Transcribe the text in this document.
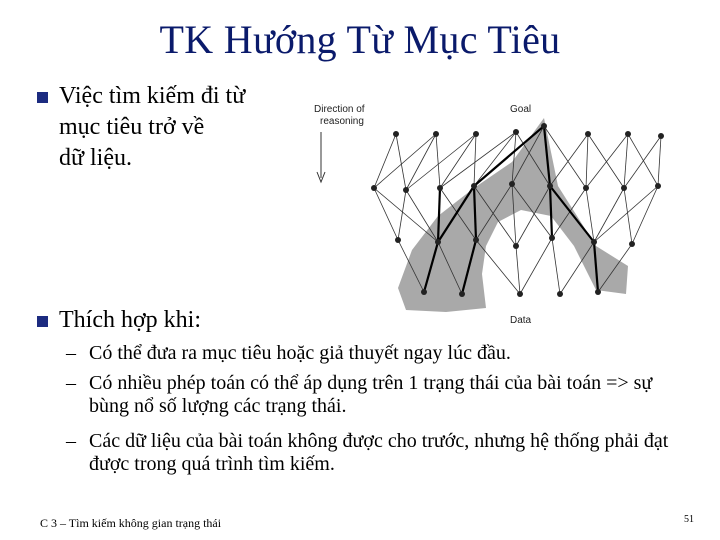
TK Hướng Từ Mục Tiêu
Việc tìm kiếm đi từ
mục tiêu trở về
dữ liệu.
Thích hợp khi:
– Có thể đưa ra mục tiêu hoặc giả thuyết ngay lúc đầu.
– Có nhiều phép toán có thể áp dụng trên 1 trạng thái của bài toán => sự bùng nổ số lượng các trạng thái.
– Các dữ liệu của bài toán không được cho trước, nhưng hệ thống phải đạt được trong quá trình tìm kiếm.
Direction of
reasoning
Goal
Data
C 3 – Tìm kiếm không gian trạng thái	51
